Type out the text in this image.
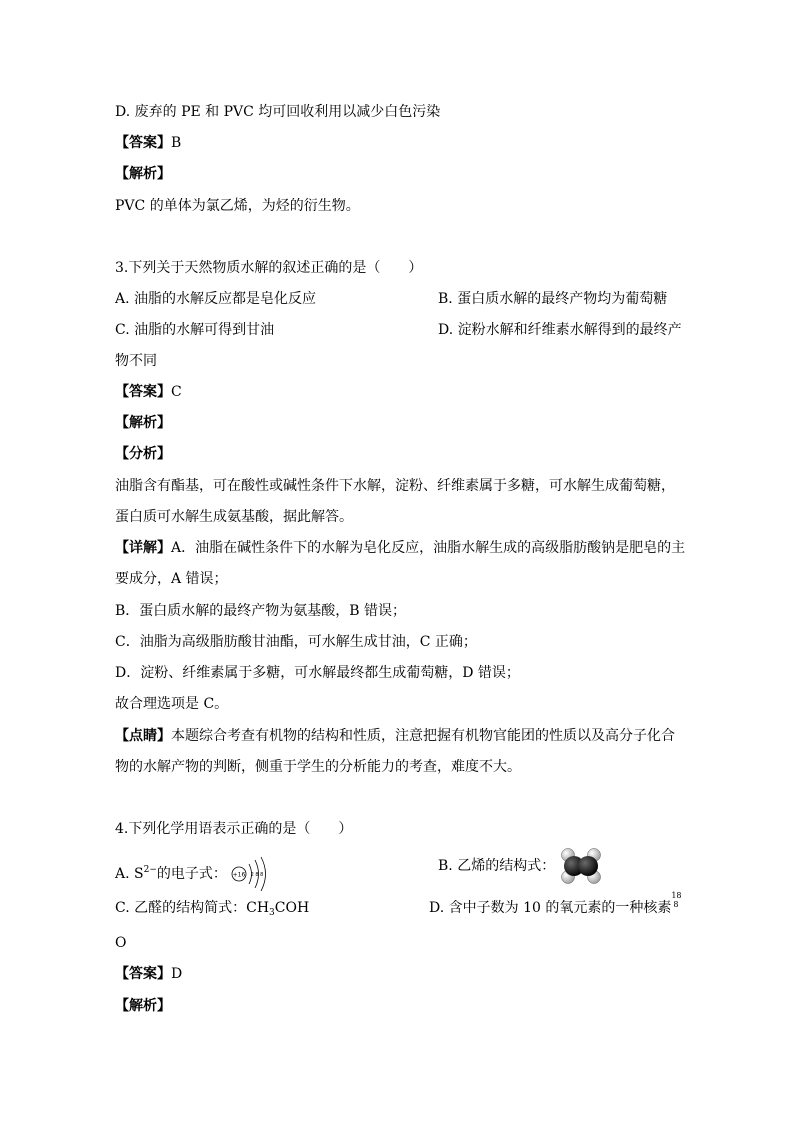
D. 废弃的 PE 和 PVC 均可回收利用以减少白色污染
【答案】B
【解析】
PVC 的单体为氯乙烯，为烃的衍生物。
3.下列关于天然物质水解的叙述正确的是（　　）
A. 油脂的水解反应都是皂化反应	B. 蛋白质水解的最终产物均为葡萄糖
C. 油脂的水解可得到甘油	D. 淀粉水解和纤维素水解得到的最终产
物不同
【答案】C
【解析】
【分析】
油脂含有酯基，可在酸性或碱性条件下水解，淀粉、纤维素属于多糖，可水解生成葡萄糖，
蛋白质可水解生成氨基酸，据此解答。
【详解】A．油脂在碱性条件下的水解为皂化反应，油脂水解生成的高级脂肪酸钠是肥皂的主
要成分，A 错误；
B．蛋白质水解的最终产物为氨基酸，B 错误；
C．油脂为高级脂肪酸甘油酯，可水解生成甘油，C 正确；
D．淀粉、纤维素属于多糖，可水解最终都生成葡萄糖，D 错误；
故合理选项是 C。
【点睛】本题综合考查有机物的结构和性质，注意把握有机物官能团的性质以及高分子化合
物的水解产物的判断，侧重于学生的分析能力的考查，难度不大。
4.下列化学用语表示正确的是（　　）
A. $S^{2-}$的电子式： +16 2 8 8
B. 乙烯的结构式：
C. 乙醛的结构简式：$CH_3COH$	D. 含中子数为 10 的氧元素的一种核素
18
8
O
【答案】D
【解析】
